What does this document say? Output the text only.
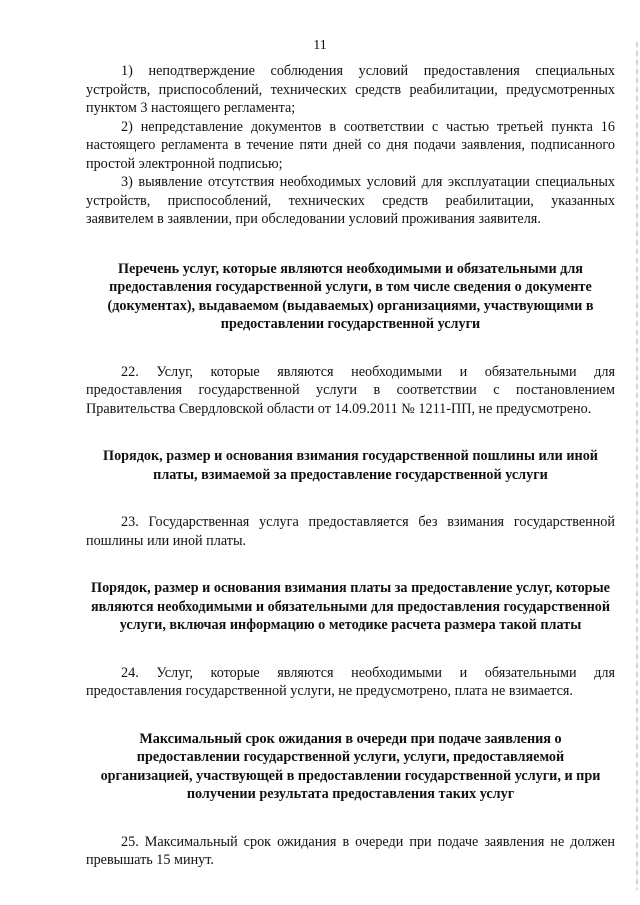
11

1) неподтверждение соблюдения условий предоставления специальных устройств, приспособлений, технических средств реабилитации, предусмотренных пунктом 3 настоящего регламента;

2) непредставление документов в соответствии с частью третьей пункта 16 настоящего регламента в течение пяти дней со дня подачи заявления, подписанного простой электронной подписью;

3) выявление отсутствия необходимых условий для эксплуатации специальных устройств, приспособлений, технических средств реабилитации, указанных заявителем в заявлении, при обследовании условий проживания заявителя.

Перечень услуг, которые являются необходимыми и обязательными для предоставления государственной услуги, в том числе сведения о документе (документах), выдаваемом (выдаваемых) организациями, участвующими в предоставлении государственной услуги

22. Услуг, которые являются необходимыми и обязательными для предоставления государственной услуги в соответствии с постановлением Правительства Свердловской области от 14.09.2011 № 1211-ПП, не предусмотрено.

Порядок, размер и основания взимания государственной пошлины или иной платы, взимаемой за предоставление государственной услуги

23. Государственная услуга предоставляется без взимания государственной пошлины или иной платы.

Порядок, размер и основания взимания платы за предоставление услуг, которые являются необходимыми и обязательными для предоставления государственной услуги, включая информацию о методике расчета размера такой платы

24. Услуг, которые являются необходимыми и обязательными для предоставления государственной услуги, не предусмотрено, плата не взимается.

Максимальный срок ожидания в очереди при подаче заявления о предоставлении государственной услуги, услуги, предоставляемой организацией, участвующей в предоставлении государственной услуги, и при получении результата предоставления таких услуг

25. Максимальный срок ожидания в очереди при подаче заявления не должен превышать 15 минут.
